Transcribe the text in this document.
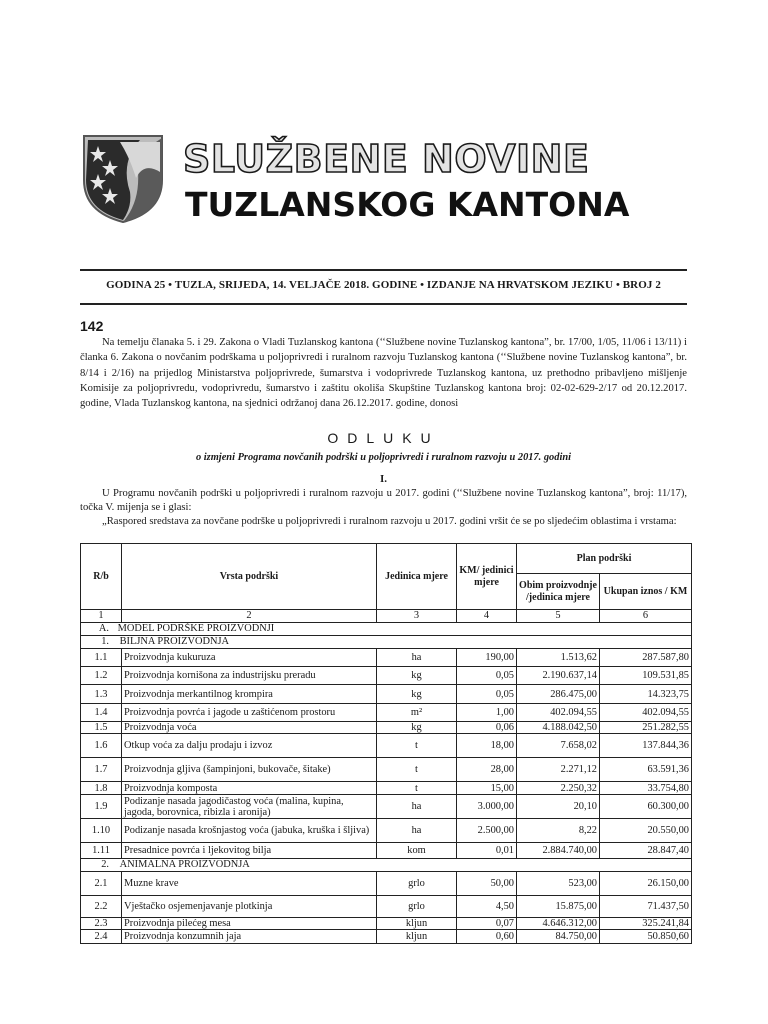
SLUŽBENE NOVINE
TUZLANSKOG KANTONA
GODINA 25 • TUZLA, SRIJEDA, 14. VELJAČE 2018. GODINE • IZDANJE NA HRVATSKOM JEZIKU • BROJ 2
142

Na temelju članaka 5. i 29. Zakona o Vladi Tuzlanskog kantona (‘‘Službene novine Tuzlanskog kantona”, br. 17/00, 1/05, 11/06 i 13/11) i članka 6. Zakona o novčanim podrškama u poljoprivredi i ruralnom razvoju Tuzlanskog kantona (‘‘Službene novine Tuzlanskog kantona”, br. 8/14 i 2/16) na prijedlog Ministarstva poljoprivrede, šumarstva i vodoprivrede Tuzlanskog kantona, uz prethodno pribavljeno mišljenje Komisije za poljoprivredu, vodoprivredu, šumarstvo i zaštitu okoliša Skupštine Tuzlanskog kantona broj: 02-02-629-2/17 od 20.12.2017. godine, Vlada Tuzlanskog kantona, na sjednici održanoj dana 26.12.2017. godine, donosi

ODLUKU
o izmjeni Programa novčanih podrški u poljoprivredi i ruralnom razvoju u 2017. godini
I.
U Programu novčanih podrški u poljoprivredi i ruralnom razvoju u 2017. godini (‘‘Službene novine Tuzlanskog kantona”, broj: 11/17), točka V. mijenja se i glasi:
„Raspored sredstava za novčane podrške u poljoprivredi i ruralnom razvoju u 2017. godini vršit će se po sljedećim oblastima i vrstama:
R/b	Vrsta podrški	Jedinica mjere	KM/ jedinici mjere	Plan podrški	
				Obim proizvodnje /jedinica mjere	Ukupan iznos / KM
1	2	3	4	5	6
A. MODEL PODRŠKE PROIZVODNJI					
1. BILJNA PROIZVODNJA					
1.1	Proizvodnja kukuruza	ha	190,00	1.513,62	287.587,80
1.2	Proizvodnja kornišona za industrijsku preradu	kg	0,05	2.190.637,14	109.531,85
1.3	Proizvodnja merkantilnog krompira	kg	0,05	286.475,00	14.323,75
1.4	Proizvodnja povrća i jagode u zaštićenom prostoru	m²	1,00	402.094,55	402.094,55
1.5	Proizvodnja voća	kg	0,06	4.188.042,50	251.282,55
1.6	Otkup voća za dalju prodaju i izvoz	t	18,00	7.658,02	137.844,36
1.7	Proizvodnja gljiva (šampinjoni, bukovače, šitake)	t	28,00	2.271,12	63.591,36
1.8	Proizvodnja komposta	t	15,00	2.250,32	33.754,80
1.9	Podizanje nasada jagodičastog voća (malina, kupina, jagoda, borovnica, ribizla i aronija)	ha	3.000,00	20,10	60.300,00
1.10	Podizanje nasada krošnjastog voća (jabuka, kruška i šljiva)	ha	2.500,00	8,22	20.550,00
1.11	Presadnice povrća i ljekovitog bilja	kom	0,01	2.884.740,00	28.847,40
2. ANIMALNA PROIZVODNJA					
2.1	Muzne krave	grlo	50,00	523,00	26.150,00
2.2	Vještačko osjemenjavanje plotkinja	grlo	4,50	15.875,00	71.437,50
2.3	Proizvodnja pilećeg mesa	kljun	0,07	4.646.312,00	325.241,84
2.4	Proizvodnja konzumnih jaja	kljun	0,60	84.750,00	50.850,60
